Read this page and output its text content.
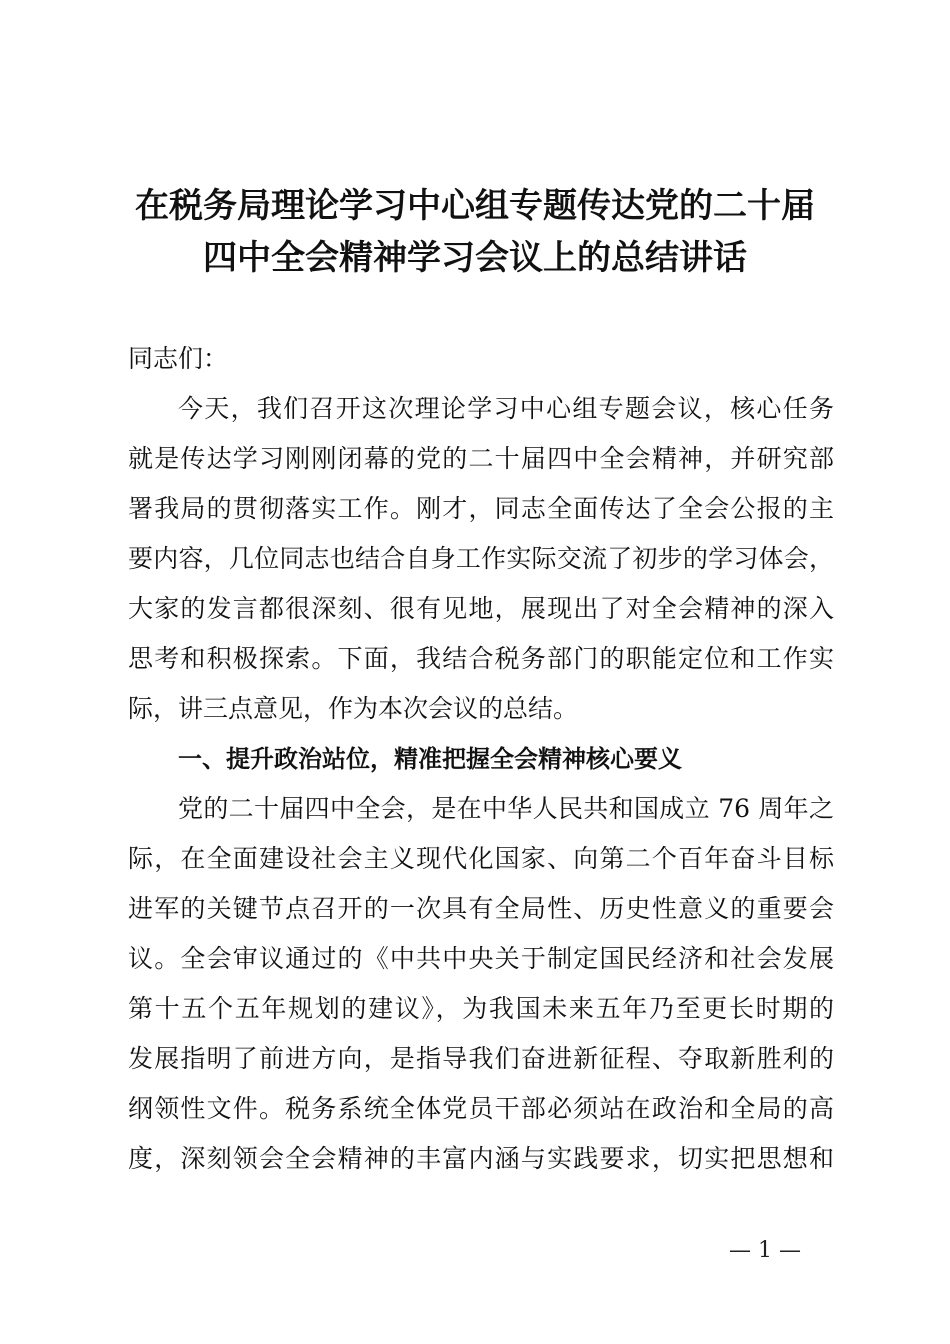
在税务局理论学习中心组专题传达党的二十届
四中全会精神学习会议上的总结讲话
同志们：
今天，我们召开这次理论学习中心组专题会议，核心任务
就是传达学习刚刚闭幕的党的二十届四中全会精神，并研究部
署我局的贯彻落实工作。刚才，同志全面传达了全会公报的主
要内容，几位同志也结合自身工作实际交流了初步的学习体会，
大家的发言都很深刻、很有见地，展现出了对全会精神的深入
思考和积极探索。下面，我结合税务部门的职能定位和工作实
际，讲三点意见，作为本次会议的总结。
一、提升政治站位，精准把握全会精神核心要义
党的二十届四中全会，是在中华人民共和国成立 76 周年之
际，在全面建设社会主义现代化国家、向第二个百年奋斗目标
进军的关键节点召开的一次具有全局性、历史性意义的重要会
议。全会审议通过的《中共中央关于制定国民经济和社会发展
第十五个五年规划的建议》，为我国未来五年乃至更长时期的
发展指明了前进方向，是指导我们奋进新征程、夺取新胜利的
纲领性文件。税务系统全体党员干部必须站在政治和全局的高
度，深刻领会全会精神的丰富内涵与实践要求，切实把思想和
— 1 —
